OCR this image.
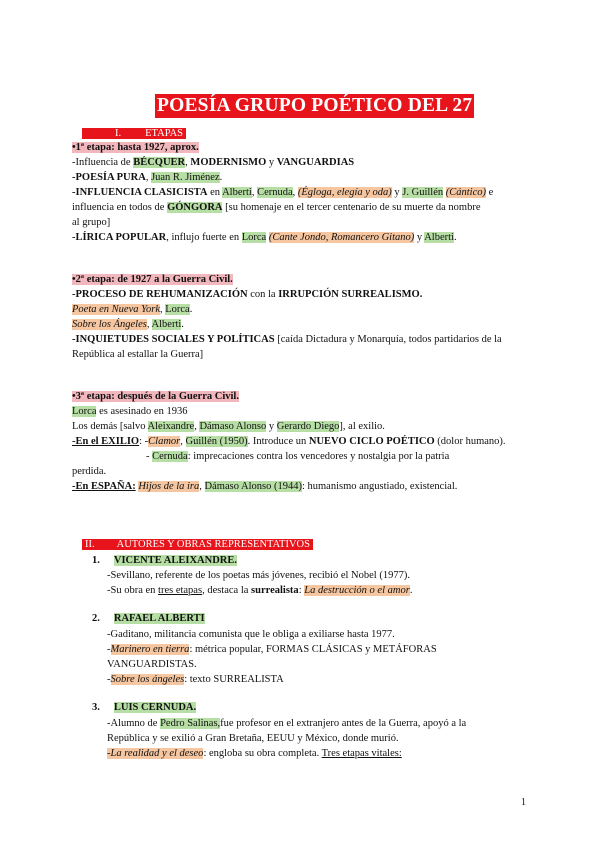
POESÍA GRUPO POÉTICO DEL 27
I. ETAPAS
•1ª etapa: hasta 1927, aprox.
-Influencia de BÉCQUER, MODERNISMO y VANGUARDIAS
-POESÍA PURA, Juan R. Jiménez.
-INFLUENCIA CLASICISTA en Alberti, Cernuda, (Égloga, elegía y oda) y J. Guillén (Cántico) e
influencia en todos de GÓNGORA [su homenaje en el tercer centenario de su muerte da nombre
al grupo]
-LÍRICA POPULAR, influjo fuerte en Lorca (Cante Jondo, Romancero Gitano) y Alberti.
•2ª etapa: de 1927 a la Guerra Civil.
-PROCESO DE REHUMANIZACIÓN con la IRRUPCIÓN SURREALISMO.
Poeta en Nueva York, Lorca.
Sobre los Ángeles, Alberti.
-INQUIETUDES SOCIALES Y POLÍTICAS [caída Dictadura y Monarquía, todos partidarios de la
República al estallar la Guerra]
•3ª etapa: después de la Guerra Civil.
Lorca es asesinado en 1936
Los demás [salvo Aleixandre, Dámaso Alonso y Gerardo Diego], al exilio.
-En el EXILIO: -Clamor, Guillén (1950). Introduce un NUEVO CICLO POÉTICO (dolor humano).
- Cernuda: imprecaciones contra los vencedores y nostalgia por la patria
perdida.
-En ESPAÑA: Hijos de la ira, Dámaso Alonso (1944): humanismo angustiado, existencial.
II. AUTORES Y OBRAS REPRESENTATIVOS
1. VICENTE ALEIXANDRE.
-Sevillano, referente de los poetas más jóvenes, recibió el Nobel (1977).
-Su obra en tres etapas, destaca la surrealista: La destrucción o el amor.
2. RAFAEL ALBERTI
-Gaditano, militancia comunista que le obliga a exiliarse hasta 1977.
-Marinero en tierra: métrica popular, FORMAS CLÁSICAS y METÁFORAS
VANGUARDISTAS.
-Sobre los ángeles: texto SURREALISTA
3. LUIS CERNUDA.
-Alumno de Pedro Salinas,fue profesor en el extranjero antes de la Guerra, apoyó a la
República y se exilió a Gran Bretaña, EEUU y México, donde murió.
-La realidad y el deseo: engloba su obra completa. Tres etapas vitales:
1
